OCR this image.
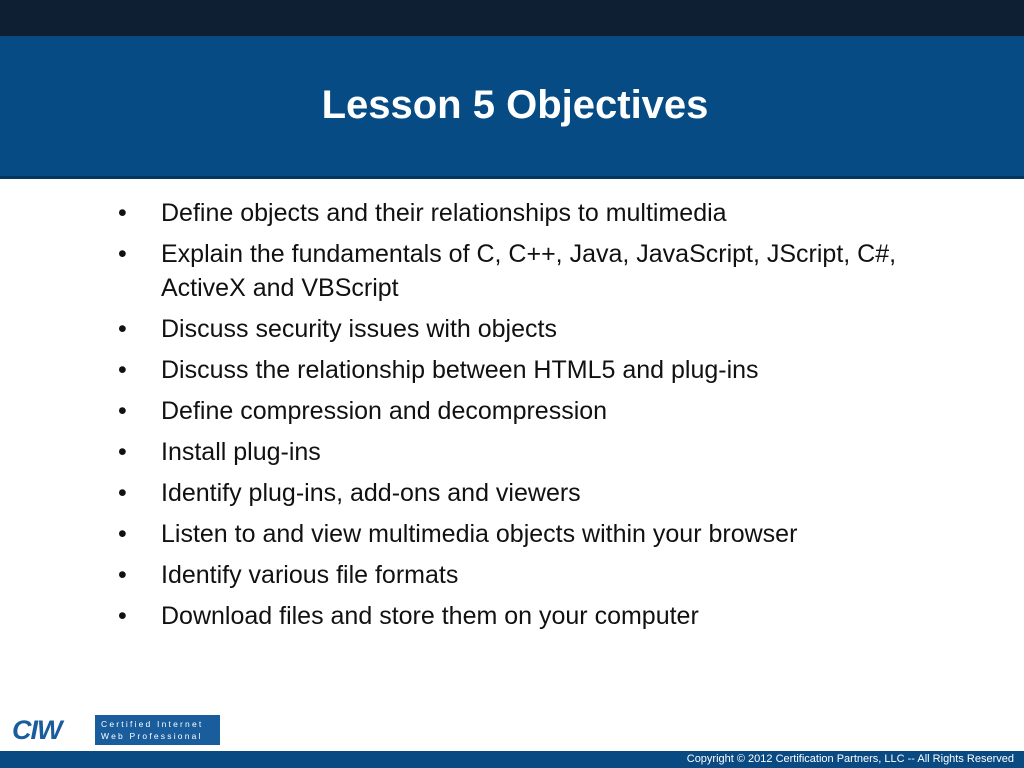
Lesson 5 Objectives
•	Define objects and their relationships to multimedia
•	Explain the fundamentals of C, C++, Java, JavaScript, JScript, C#, ActiveX and VBScript
•	Discuss security issues with objects
•	Discuss the relationship between HTML5 and plug-ins
•	Define compression and decompression
•	Install plug-ins
•	Identify plug-ins, add-ons and viewers
•	Listen to and view multimedia objects within your browser
•	Identify various file formats
•	Download files and store them on your computer
CIW	Certified Internet
Web Professional
Copyright © 2012 Certification Partners, LLC -- All Rights Reserved
